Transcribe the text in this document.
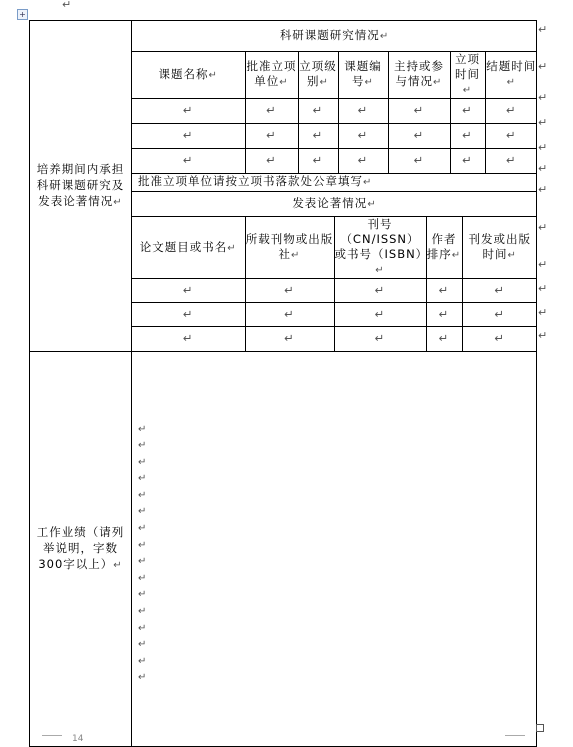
+
↵
培养期间内承担科研课题研究及发表论著情况↵	
科研课题研究情况↵
课题名称↵	批准立项单位↵	立项级别↵	课题编号↵	主持或参与情况↵	立项时间↵	结题时间↵
↵	↵	↵	↵	↵	↵	↵
↵	↵	↵	↵	↵	↵	↵
↵	↵	↵	↵	↵	↵	↵
批准立项单位请按立项书落款处公章填写↵
发表论著情况↵
论文题目或书名↵	所载刊物或出版社↵	刊号（CN/ISSN）或书号（ISBN）↵	作者排序↵	刊发或出版时间↵
↵	↵	↵	↵	↵
↵	↵	↵	↵	↵
↵	↵	↵	↵	↵

工作业绩（请列举说明，字数300字以上）↵	
↵
↵
↵
↵
↵
↵
↵
↵
↵
↵
↵
↵
↵
↵
↵
↵
↵
↵
↵
↵
↵
↵
↵
↵
↵
↵
↵
↵
14
